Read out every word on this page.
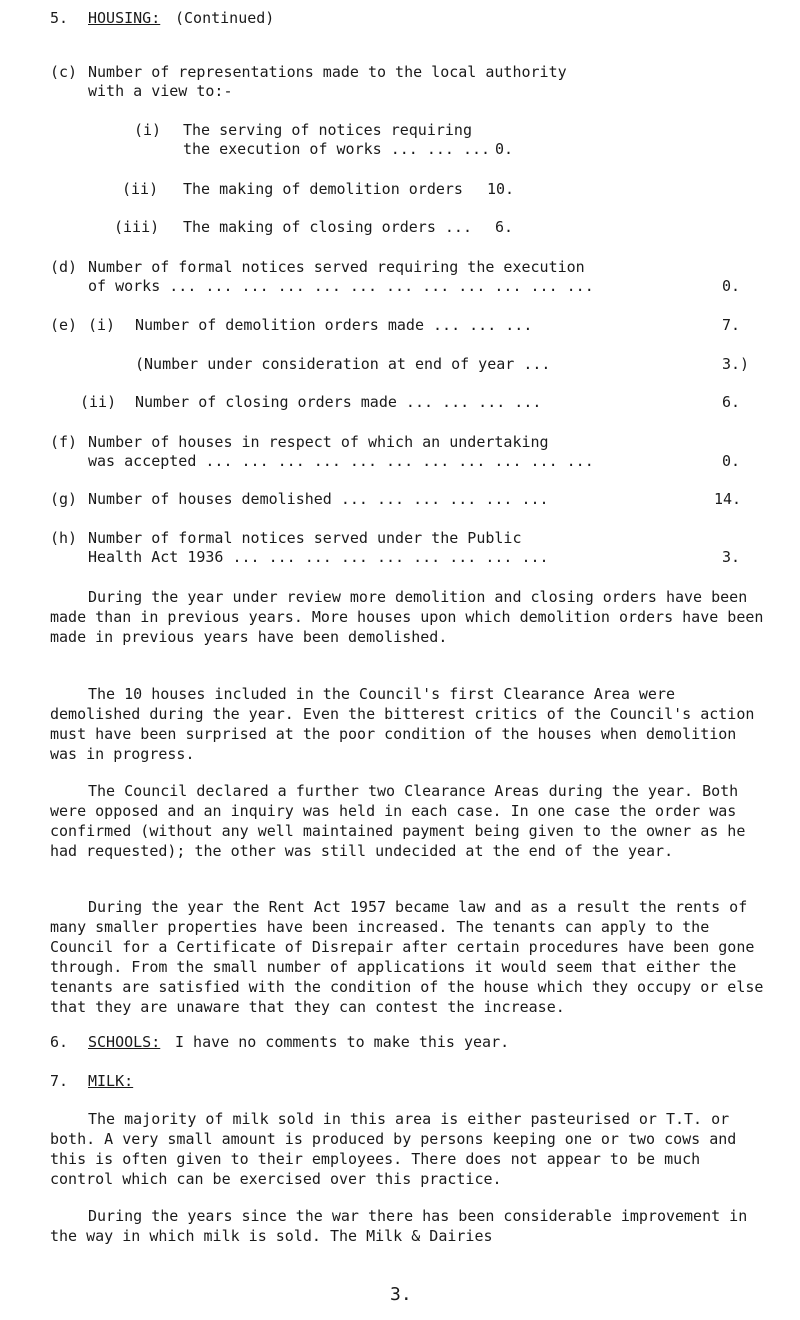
5. HOUSING: (Continued)
(c) Number of representations made to the local authority
with a view to:-
(i) The serving of notices requiring
the execution of works ... ... ... 0.
(ii) The making of demolition orders 10.
(iii) The making of closing orders ... 6.
(d) Number of formal notices served requiring the execution
of works ... ... ... ... ... ... ... ... ... ... ... ...	0.
(e) (i) Number of demolition orders made ... ... ...	7.
(Number under consideration at end of year ...	3.)
(ii) Number of closing orders made ... ... ... ...	6.
(f) Number of houses in respect of which an undertaking
was accepted ... ... ... ... ... ... ... ... ... ... ...	0.
(g) Number of houses demolished ... ... ... ... ... ...	14.
(h) Number of formal notices served under the Public
Health Act 1936 ... ... ... ... ... ... ... ... ...	3.

During the year under review more demolition and closing orders have been made than in previous years. More houses upon which demolition orders have been made in previous years have been demolished.

The 10 houses included in the Council's first Clearance Area were demolished during the year. Even the bitterest critics of the Council's action must have been surprised at the poor condition of the houses when demolition was in progress.

The Council declared a further two Clearance Areas during the year. Both were opposed and an inquiry was held in each case. In one case the order was confirmed (without any well maintained payment being given to the owner as he had requested); the other was still undecided at the end of the year.

During the year the Rent Act 1957 became law and as a result the rents of many smaller properties have been increased. The tenants can apply to the Council for a Certificate of Disrepair after certain procedures have been gone through. From the small number of applications it would seem that either the tenants are satisfied with the condition of the house which they occupy or else that they are unaware that they can contest the increase.

6. SCHOOLS: I have no comments to make this year.
7. MILK:

The majority of milk sold in this area is either pasteurised or T.T. or both. A very small amount is produced by persons keeping one or two cows and this is often given to their employees. There does not appear to be much control which can be exercised over this practice.

During the years since the war there has been considerable improvement in the way in which milk is sold. The Milk & Dairies

3.
